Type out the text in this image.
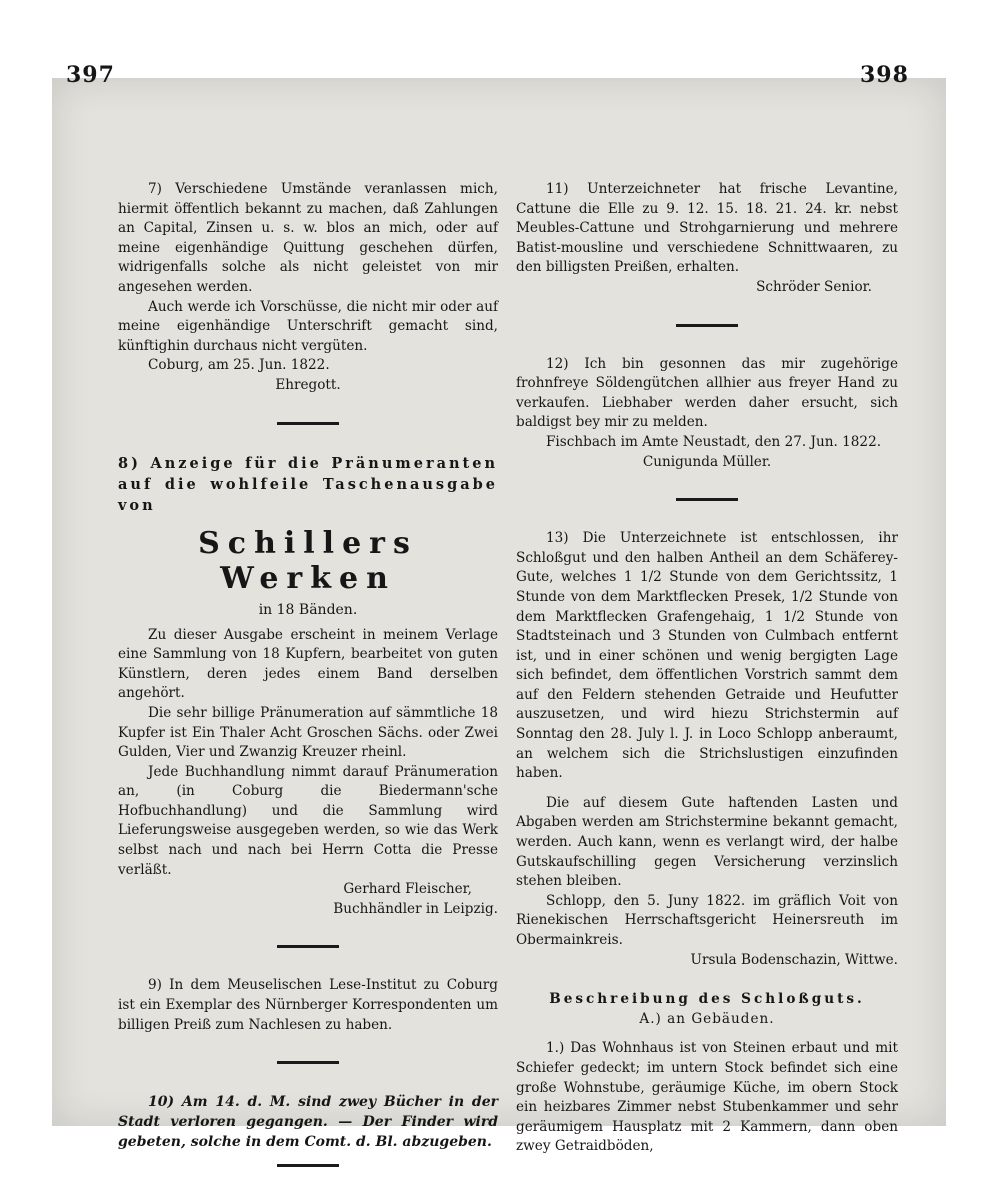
397	398

7) Verschiedene Umstände veranlassen mich, hiermit öffentlich bekannt zu machen, daß Zahlungen an Capital, Zinsen u. s. w. blos an mich, oder auf meine eigenhändige Quittung geschehen dürfen, widrigenfalls solche als nicht geleistet von mir angesehen werden.

Auch werde ich Vorschüsse, die nicht mir oder auf meine eigenhändige Unterschrift gemacht sind, künftighin durchaus nicht vergüten.

Coburg, am 25. Jun. 1822.

Ehregott.

8) Anzeige für die Pränumeranten auf die wohlfeile Taschenausgabe von
Schillers Werken
in 18 Bänden.

Zu dieser Ausgabe erscheint in meinem Verlage eine Sammlung von 18 Kupfern, bearbeitet von guten Künstlern, deren jedes einem Band derselben angehört.

Die sehr billige Pränumeration auf sämmtliche 18 Kupfer ist Ein Thaler Acht Groschen Sächs. oder Zwei Gulden, Vier und Zwanzig Kreuzer rheinl.

Jede Buchhandlung nimmt darauf Pränumeration an, (in Coburg die Biedermann'sche Hofbuchhandlung) und die Sammlung wird Lieferungsweise ausgegeben werden, so wie das Werk selbst nach und nach bei Herrn Cotta die Presse verläßt.

Gerhard Fleischer,

Buchhändler in Leipzig.

9) In dem Meuselischen Lese-Institut zu Coburg ist ein Exemplar des Nürnberger Korrespondenten um billigen Preiß zum Nachlesen zu haben.

10) Am 14. d. M. sind zwey Bücher in der Stadt verloren gegangen. — Der Finder wird gebeten, solche in dem Comt. d. Bl. abzugeben.

11) Unterzeichneter hat frische Levantine, Cattune die Elle zu 9. 12. 15. 18. 21. 24. kr. nebst Meubles-Cattune und Strohgarnierung und mehrere Batist-mousline und verschiedene Schnittwaaren, zu den billigsten Preißen, erhalten.

Schröder Senior.

12) Ich bin gesonnen das mir zugehörige frohnfreye Söldengütchen allhier aus freyer Hand zu verkaufen. Liebhaber werden daher ersucht, sich baldigst bey mir zu melden.

Fischbach im Amte Neustadt, den 27. Jun. 1822.

Cunigunda Müller.

13) Die Unterzeichnete ist entschlossen, ihr Schloßgut und den halben Antheil an dem Schäferey-Gute, welches 1 1/2 Stunde von dem Gerichtssitz, 1 Stunde von dem Marktflecken Presek, 1/2 Stunde von dem Marktflecken Grafengehaig, 1 1/2 Stunde von Stadtsteinach und 3 Stunden von Culmbach entfernt ist, und in einer schönen und wenig bergigten Lage sich befindet, dem öffentlichen Vorstrich sammt dem auf den Feldern stehenden Getraide und Heufutter auszusetzen, und wird hiezu Strichstermin auf Sonntag den 28. July l. J. in Loco Schlopp anberaumt, an welchem sich die Strichslustigen einzufinden haben.

Die auf diesem Gute haftenden Lasten und Abgaben werden am Strichstermine bekannt gemacht, werden. Auch kann, wenn es verlangt wird, der halbe Gutskaufschilling gegen Versicherung verzinslich stehen bleiben.

Schlopp, den 5. Juny 1822. im gräflich Voit von Rienekischen Herrschaftsgericht Heinersreuth im Obermainkreis.

Ursula Bodenschazin, Wittwe.

Beschreibung des Schloßguts.

A.) an Gebäuden.

1.) Das Wohnhaus ist von Steinen erbaut und mit Schiefer gedeckt; im untern Stock befindet sich eine große Wohnstube, geräumige Küche, im obern Stock ein heizbares Zimmer nebst Stubenkammer und sehr geräumigem Hausplatz mit 2 Kammern, dann oben zwey Getraidböden,
